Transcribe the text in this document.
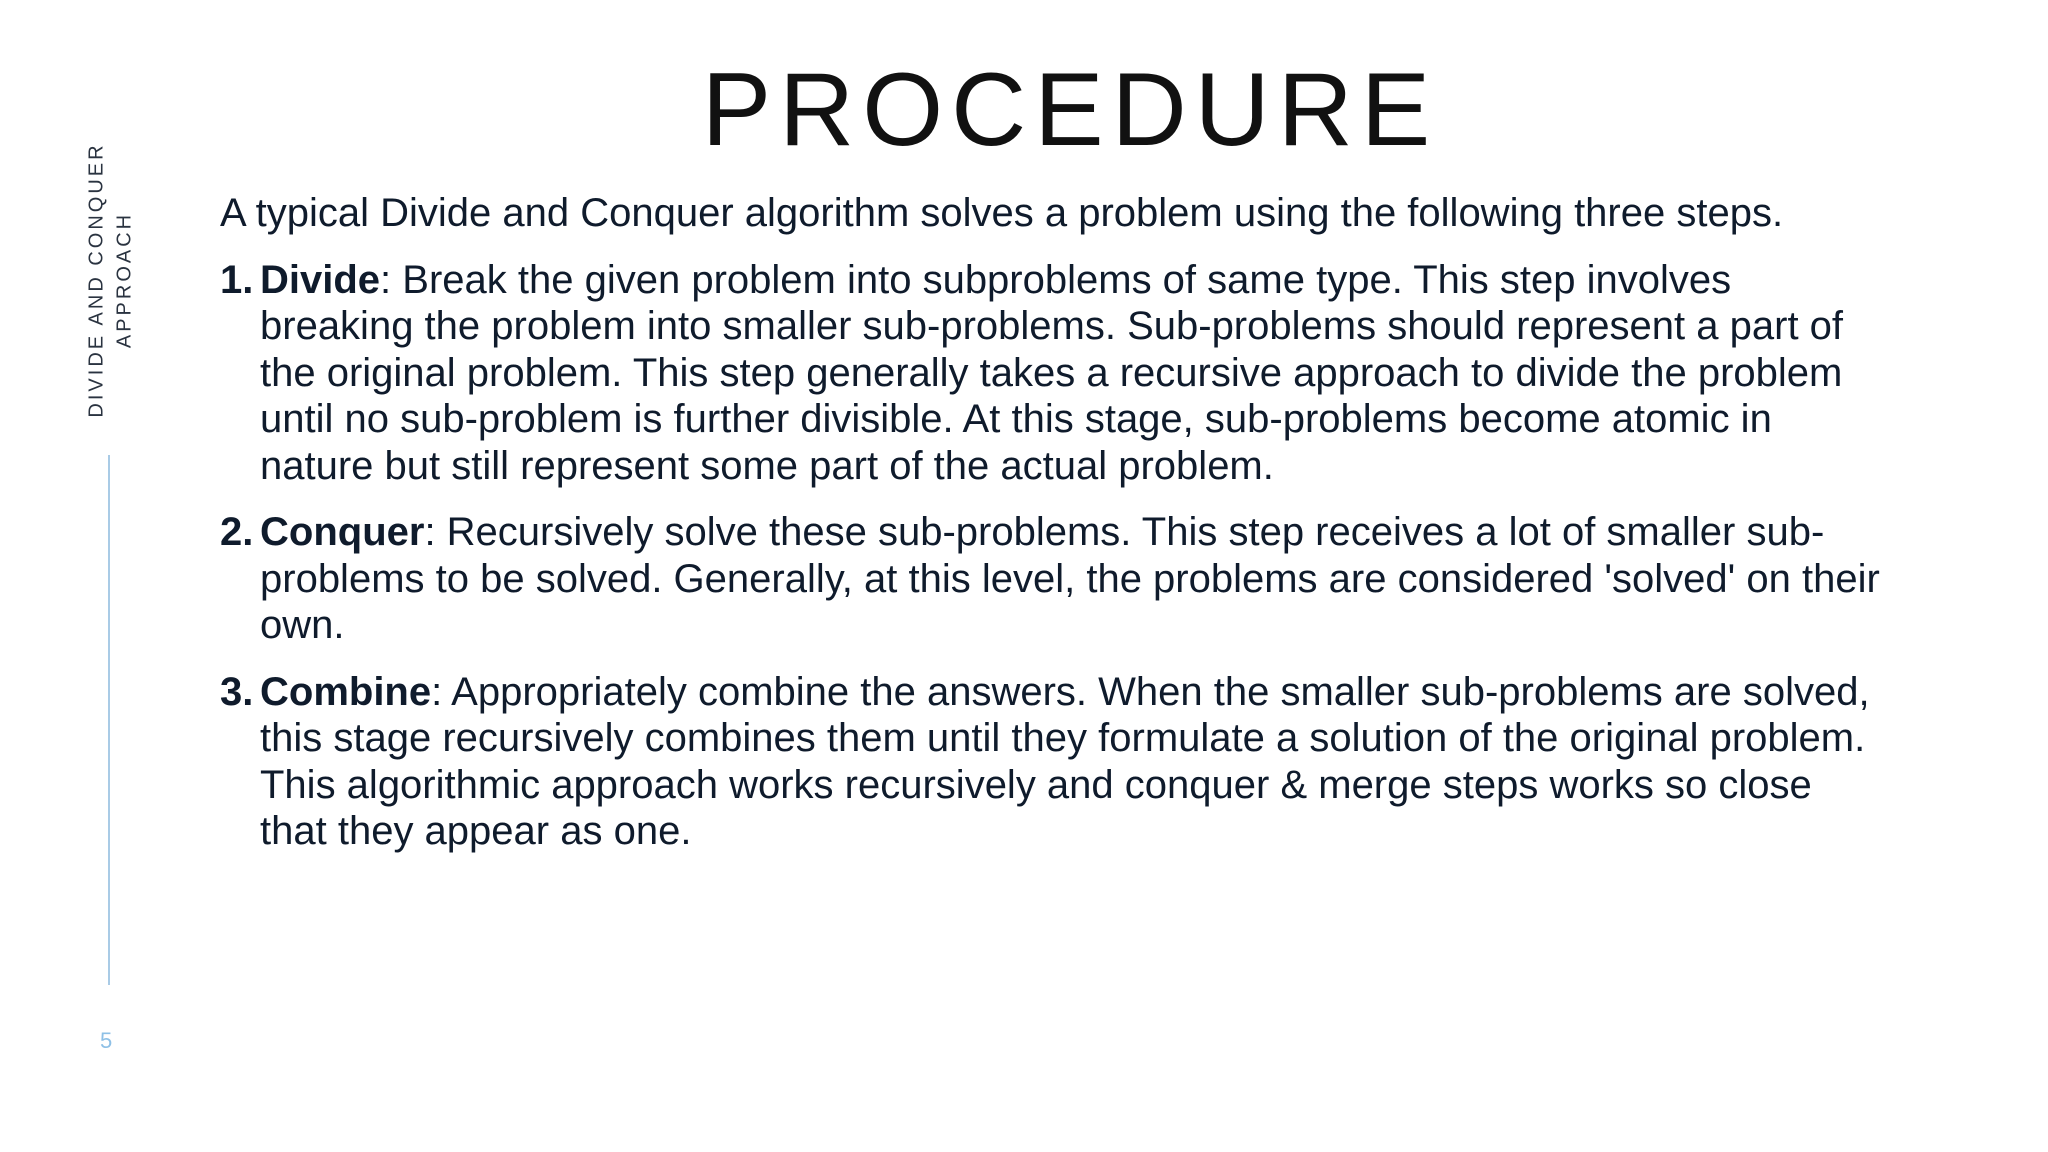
PROCEDURE
DIVIDE AND CONQUER APPROACH
5

A typical Divide and Conquer algorithm solves a problem using the following three steps.

1. Divide: Break the given problem into subproblems of same type. This step involves breaking the problem into smaller sub-problems. Sub-problems should represent a part of the original problem. This step generally takes a recursive approach to divide the problem until no sub-problem is further divisible. At this stage, sub-problems become atomic in nature but still represent some part of the actual problem.
2. Conquer: Recursively solve these sub-problems. This step receives a lot of smaller sub-problems to be solved. Generally, at this level, the problems are considered 'solved' on their own.
3. Combine: Appropriately combine the answers. When the smaller sub-problems are solved, this stage recursively combines them until they formulate a solution of the original problem. This algorithmic approach works recursively and conquer & merge steps works so close that they appear as one.
